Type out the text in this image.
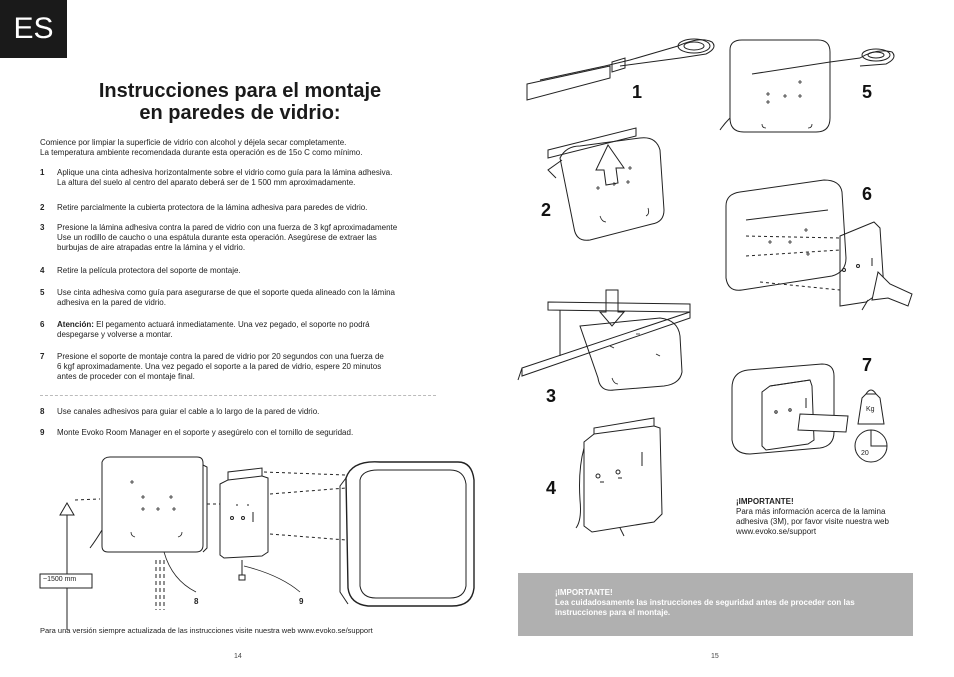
ES
Instrucciones para el montaje
en paredes de vidrio:

Comience por limpiar la superficie de vidrio con alcohol y déjela secar completamente.

La temperatura ambiente recomendada durante esta operación es de 15o C como mínimo.

1	Aplique una cinta adhesiva horizontalmente sobre el vidrio como guía para la lámina adhesiva.

La altura del suelo al centro del aparato deberá ser de 1 500 mm aproximadamente.

2	Retire parcialmente la cubierta protectora de la lámina adhesiva para paredes de vidrio.

3	Presione la lámina adhesiva contra la pared de vidrio con una fuerza de 3 kgf aproximadamente

Use un rodillo de caucho o una espátula durante esta operación. Asegúrese de extraer las

burbujas de aire atrapadas entre la lámina y el vidrio.

4	Retire la película protectora del soporte de montaje.

5	Use cinta adhesiva como guía para asegurarse de que el soporte queda alineado con la lámina

adhesiva en la pared de vidrio.

6	Atención: El pegamento actuará inmediatamente. Una vez pegado, el soporte no podrá

despegarse y volverse a montar.

7	Presione el soporte de montaje contra la pared de vidrio por 20 segundos con una fuerza de

6 kgf aproximadamente. Una vez pegado el soporte a la pared de vidrio, espere 20 minutos

antes de proceder con el montaje final.

8	Use canales adhesivos para guiar el cable a lo largo de la pared de vidrio.

9	Monte Evoko Room Manager en el soporte y asegúrelo con el tornillo de seguridad.

1	5
2
6
7
3
4
~1500 mm
8	9
Kg
20

¡IMPORTANTE!

Para más información acerca de la lamina

adhesiva (3M), por favor visite nuestra web

www.evoko.se/support

¡IMPORTANTE!

Lea cuidadosamente las instrucciones de seguridad antes de proceder con las

instrucciones para el montaje.

Para una versión siempre actualizada de las instrucciones visite nuestra web www.evoko.se/support
14	15
